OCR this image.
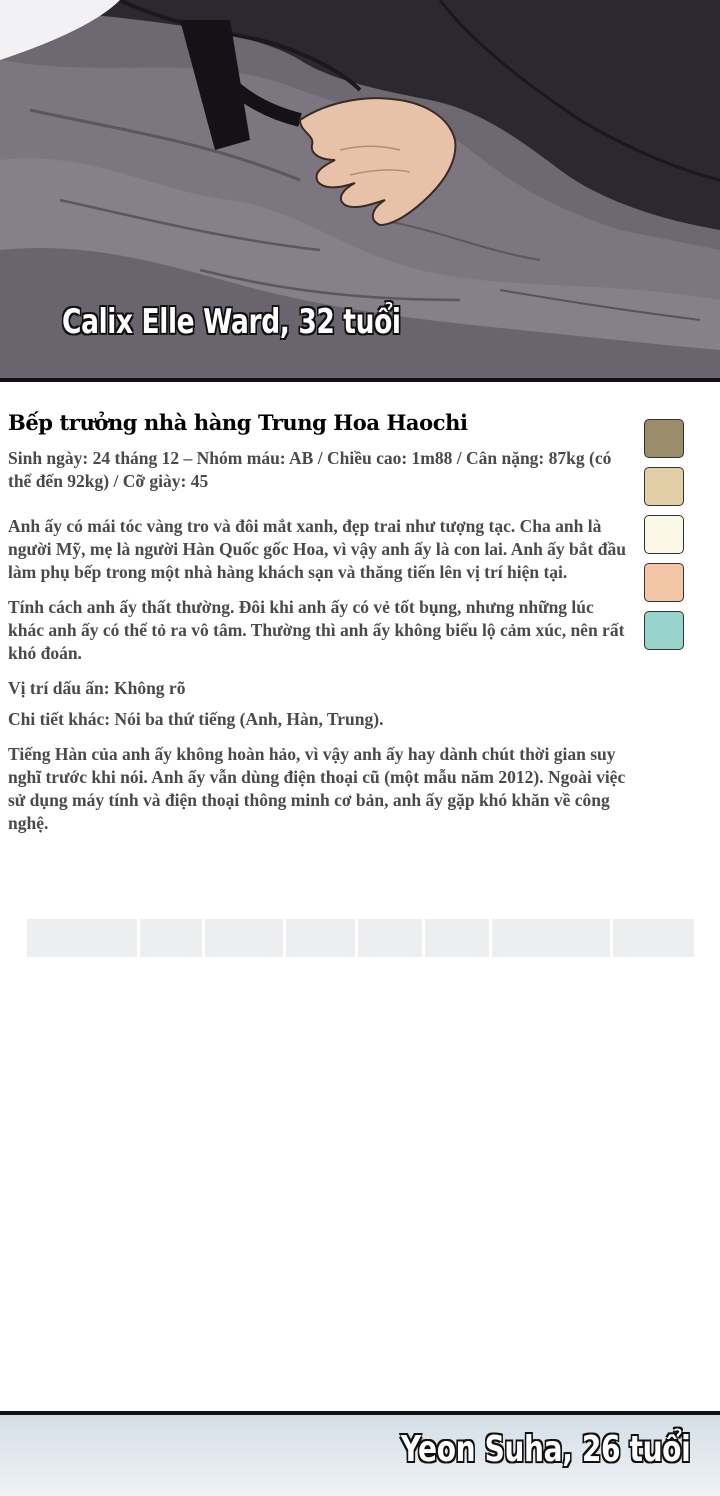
Calix Elle Ward, 32 tuổi
Bếp trưởng nhà hàng Trung Hoa Haochi
Sinh ngày: 24 tháng 12 – Nhóm máu: AB / Chiều cao: 1m88 / Cân nặng: 87kg (có thể đến 92kg) / Cỡ giày: 45
Anh ấy có mái tóc vàng tro và đôi mắt xanh, đẹp trai như tượng tạc. Cha anh là người Mỹ, mẹ là người Hàn Quốc gốc Hoa, vì vậy anh ấy là con lai. Anh ấy bắt đầu làm phụ bếp trong một nhà hàng khách sạn và thăng tiến lên vị trí hiện tại.
Tính cách anh ấy thất thường. Đôi khi anh ấy có vẻ tốt bụng, nhưng những lúc khác anh ấy có thể tỏ ra vô tâm. Thường thì anh ấy không biểu lộ cảm xúc, nên rất khó đoán.
Vị trí dấu ấn: Không rõ
Chi tiết khác: Nói ba thứ tiếng (Anh, Hàn, Trung).
Tiếng Hàn của anh ấy không hoàn hảo, vì vậy anh ấy hay dành chút thời gian suy nghĩ trước khi nói. Anh ấy vẫn dùng điện thoại cũ (một mẫu năm 2012). Ngoài việc sử dụng máy tính và điện thoại thông minh cơ bản, anh ấy gặp khó khăn về công nghệ.
Yeon Suha, 26 tuổi
